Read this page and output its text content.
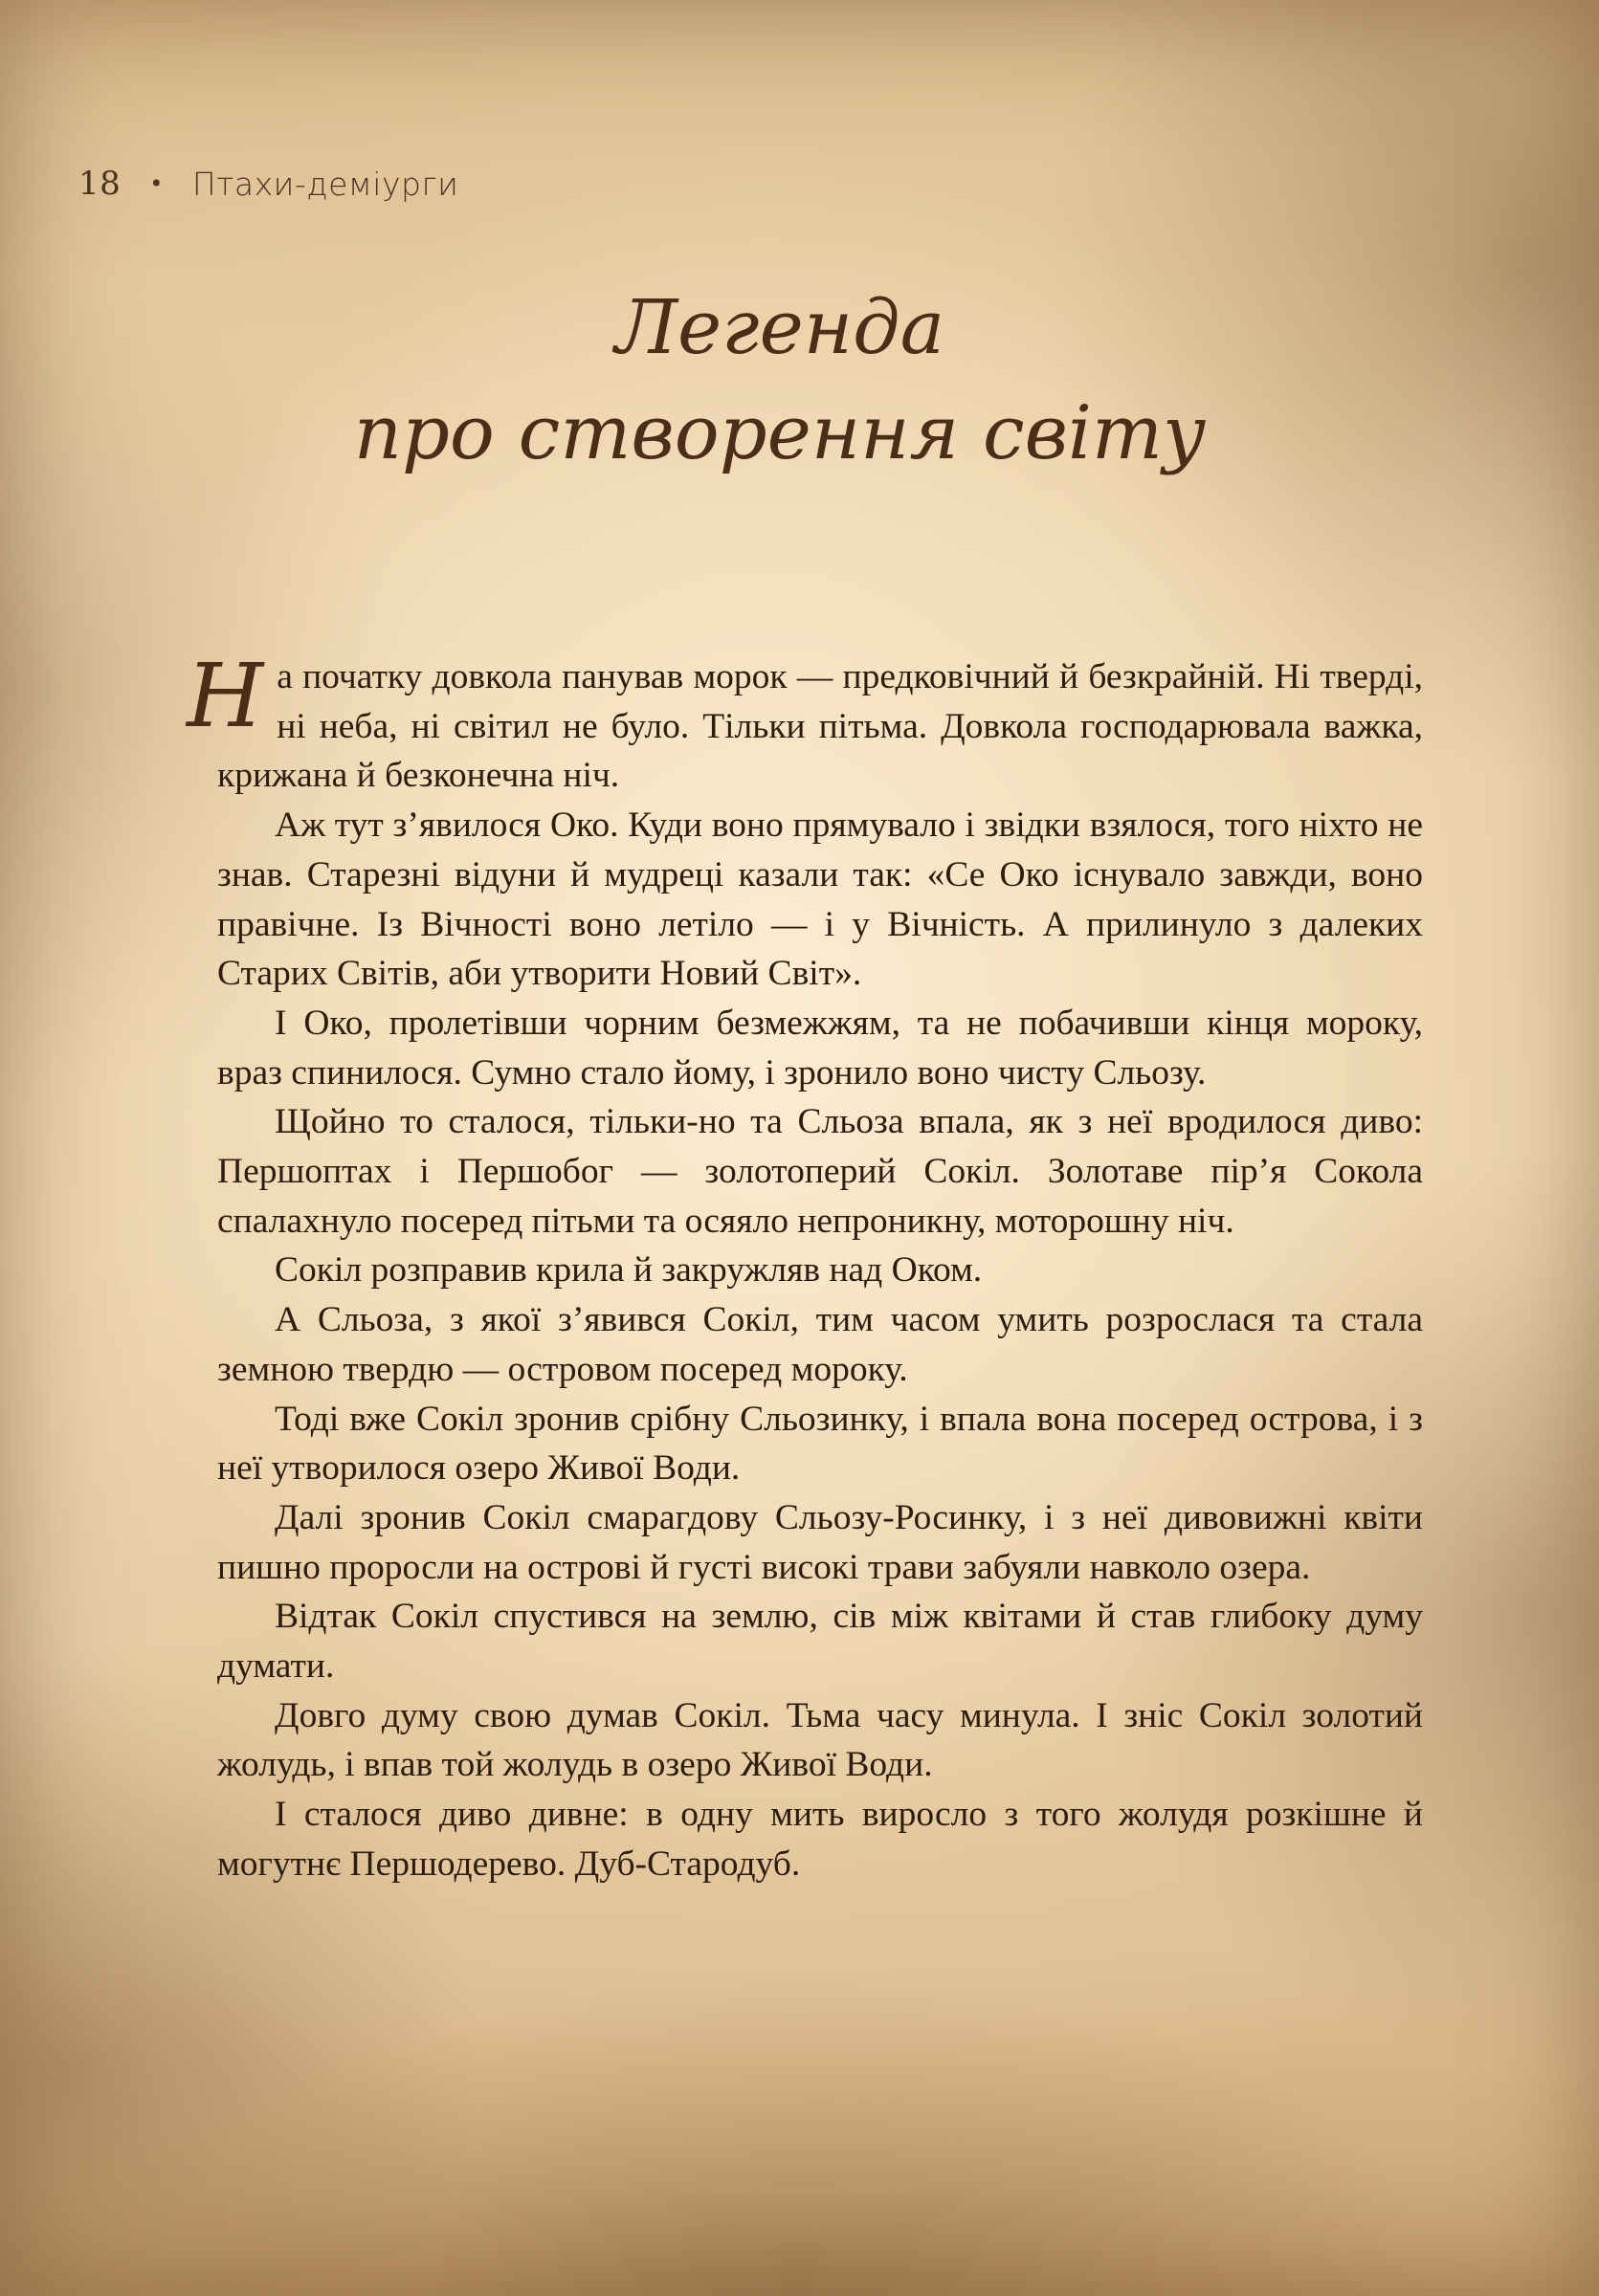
18 • Птахи-деміурги
Легенда
про створення світу

На початку довкола панував морок — предковічний й безкрайній. Ні тверді, ні неба, ні світил не було. Тільки пітьма. Довкола господарювала важка, крижана й безконечна ніч.

Аж тут з’явилося Око. Куди воно прямувало і звідки взялося, того ніхто не знав. Старезні відуни й мудреці казали так: «Се Око існувало завжди, воно правічне. Із Вічності воно летіло — і у Вічність. А прилинуло з далеких Старих Світів, аби утворити Новий Світ».

І Око, пролетівши чорним безмежжям, та не побачивши кінця мороку, враз спинилося. Сумно стало йому, і зронило воно чисту Сльозу.

Щойно то сталося, тільки-но та Сльоза впала, як з неї вродилося диво: Першоптах і Першобог — золотоперий Сокіл. Золотаве пір’я Сокола спалахнуло посеред пітьми та осяяло непроникну, моторошну ніч.

Сокіл розправив крила й закружляв над Оком.

А Сльоза, з якої з’явився Сокіл, тим часом умить розрослася та стала земною твердю — островом посеред мороку.

Тоді вже Сокіл зронив срібну Сльозинку, і впала вона посеред острова, і з неї утворилося озеро Живої Води.

Далі зронив Сокіл смарагдову Сльозу-Росинку, і з неї дивовижні квіти пишно проросли на острові й густі високі трави забуяли навколо озера.

Відтак Сокіл спустився на землю, сів між квітами й став глибоку думу думати.

Довго думу свою думав Сокіл. Тьма часу минула. І зніс Сокіл золотий жолудь, і впав той жолудь в озеро Живої Води.

І сталося диво дивне: в одну мить виросло з того жолудя розкішне й могутнє Першодерево. Дуб-Стародуб.
